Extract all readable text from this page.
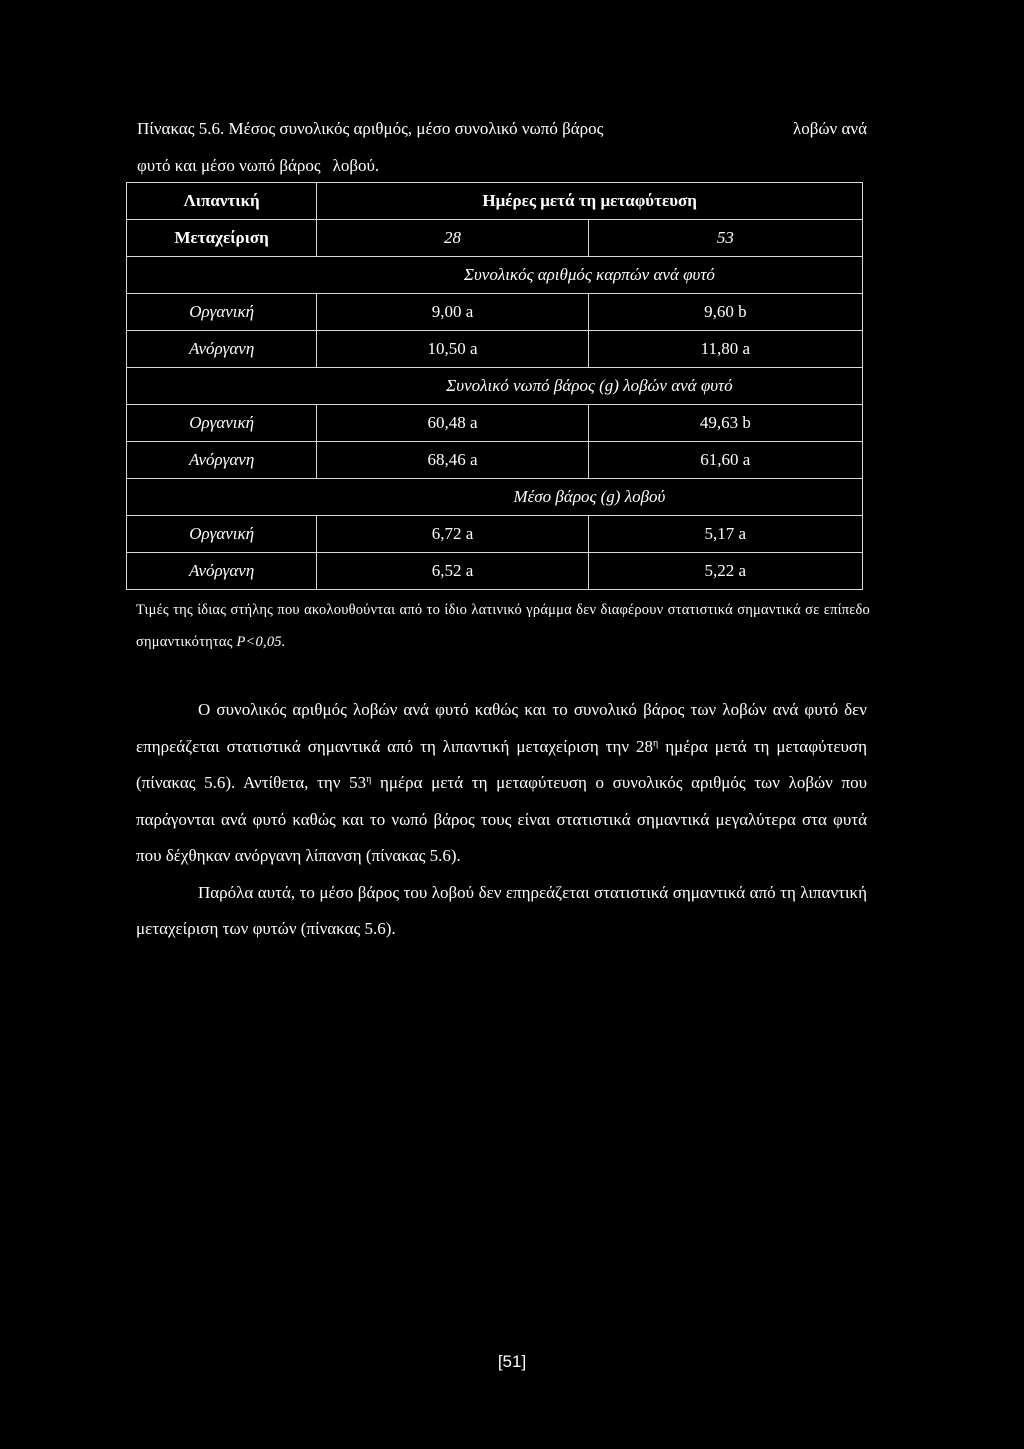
Πίνακας 5.6. Μέσος συνολικός αριθμός, μέσο συνολικό νωπό βάρος	λοβών ανά
φυτό και μέσο νωπό βάρος λοβού.
Λιπαντική	Ημέρες μετά τη μεταφύτευση	
Μεταχείριση	28	53
	Συνολικός αριθμός καρπών ανά φυτό	
Οργανική	9,00 a	9,60 b
Ανόργανη	10,50 a	11,80 a
	Συνολικό νωπό βάρος (g) λοβών ανά φυτό	
Οργανική	60,48 a	49,63 b
Ανόργανη	68,46 a	61,60 a
	Μέσο βάρος (g) λοβού	
Οργανική	6,72 a	5,17 a
Ανόργανη	6,52 a	5,22 a
Τιμές της ίδιας στήλης που ακολουθούνται από το ίδιο λατινικό γράμμα δεν διαφέρουν στατιστικά σημαντικά σε επίπεδο σημαντικότητας P<0,05.

Ο συνολικός αριθμός λοβών ανά φυτό καθώς και το συνολικό βάρος των λοβών ανά φυτό δεν επηρεάζεται στατιστικά σημαντικά από τη λιπαντική μεταχείριση την $28^\eta$ ημέρα μετά τη μεταφύτευση (πίνακας 5.6). Αντίθετα, την $53^\eta$ ημέρα μετά τη μεταφύτευση ο συνολικός αριθμός των λοβών που παράγονται ανά φυτό καθώς και το νωπό βάρος τους είναι στατιστικά σημαντικά μεγαλύτερα στα φυτά που δέχθηκαν ανόργανη λίπανση (πίνακας 5.6).

Παρόλα αυτά, το μέσο βάρος του λοβού δεν επηρεάζεται στατιστικά σημαντικά από τη λιπαντική μεταχείριση των φυτών (πίνακας 5.6).

[51]
